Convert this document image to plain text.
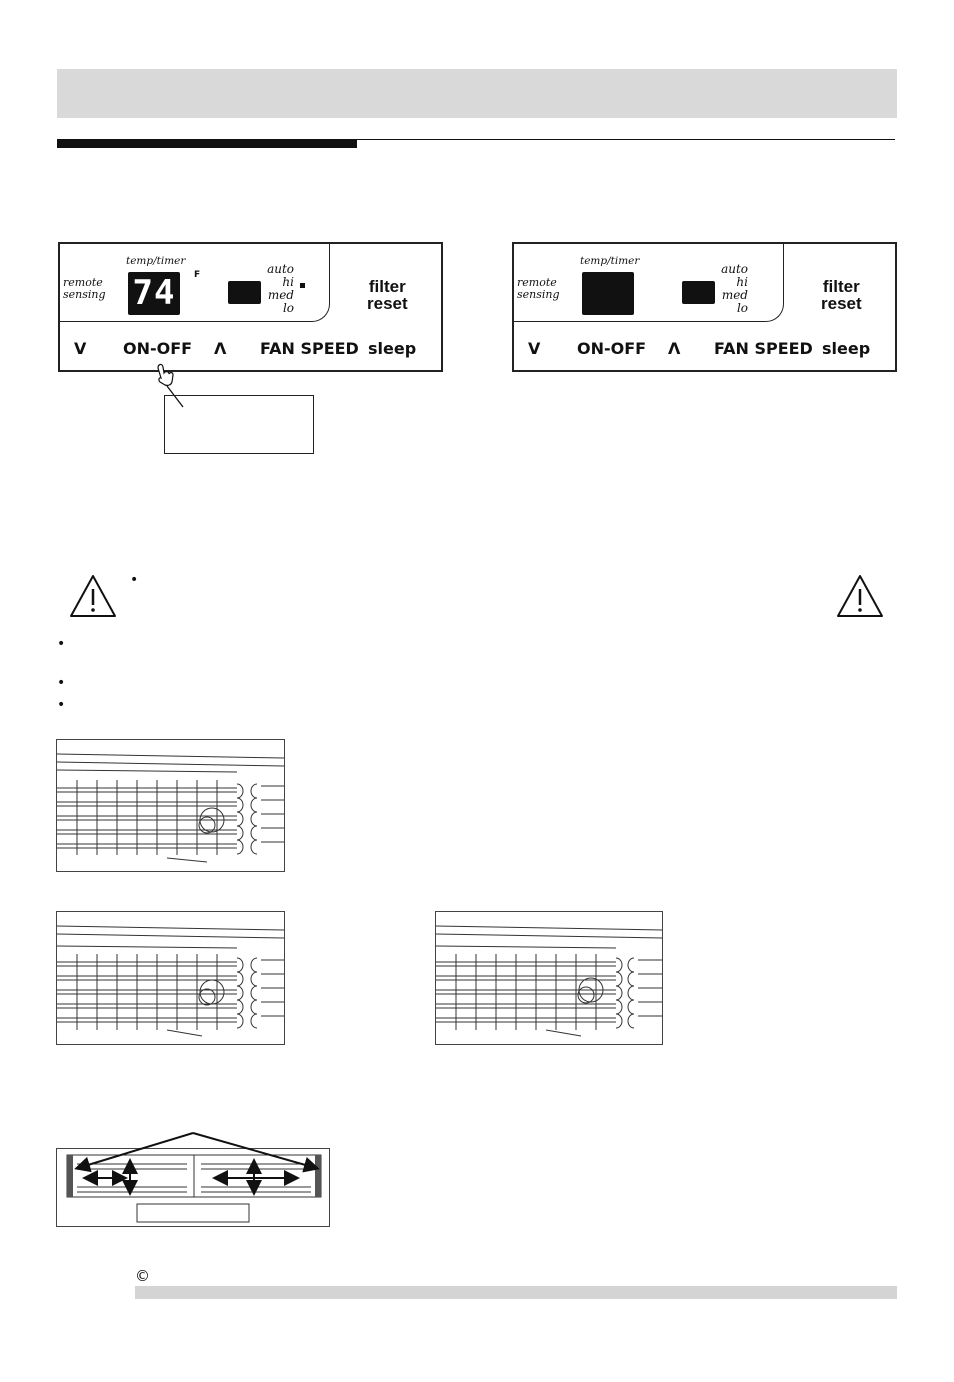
remote
sensing
temp/timer
74	F	auto
hi
med
lo
filter
reset
V ON-OFF Λ FAN SPEED sleep
remote
sensing
temp/timer
auto
hi
med
lo
filter
reset
V ON-OFF Λ FAN SPEED sleep
•
•
•
•
©
